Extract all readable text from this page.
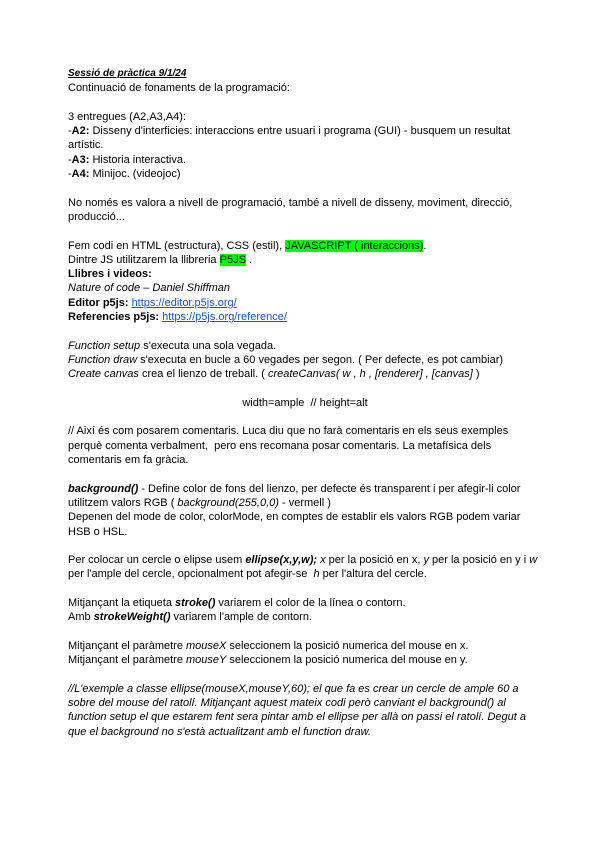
Sessió de pràctica 9/1/24
Continuació de fonaments de la programació:

3 entregues (A2,A3,A4):
-A2: Disseny d'interficies: interaccions entre usuari i programa (GUI) - busquem un resultat artístic.
-A3: Historia interactiva.
-A4: Minijoc. (videojoc)

No només es valora a nivell de programació, també a nivell de disseny, moviment, direcció, producció...

Fem codi en HTML (estructura), CSS (estil), JAVASCRIPT ( interaccions).
Dintre JS utilitzarem la llibreria P5JS .
Llibres i videos:
Nature of code – Daniel Shiffman
Editor p5js: https://editor.p5js.org/
Referencies p5js: https://p5js.org/reference/

Function setup s'executa una sola vegada.
Function draw s'executa en bucle a 60 vegades per segon. ( Per defecte, es pot cambiar)
Create canvas crea el lienzo de treball. ( createCanvas( w , h , [renderer] , [canvas] )

width=ample  // height=alt

// Així és com posarem comentaris. Luca diu que no farà comentaris en els seus exemples perquè comenta verbalment,  pero ens recomana posar comentaris. La metafísica dels comentaris em fa gràcia.

background() - Define color de fons del lienzo, per defecte és transparent i per afegir-li color utilitzem valors RGB ( background(255,0,0) - vermell )
Depenen del mode de color, colorMode, en comptes de establir els valors RGB podem variar HSB o HSL.

Per colocar un cercle o elipse usem ellipse(x,y,w); x per la posició en x, y per la posició en y i w per l'ample del cercle, opcionalment pot afegir-se  h per l'altura del cercle.

Mitjançant la etiqueta stroke() variarem el color de la línea o contorn.
Amb strokeWeight() variarem l'ample de contorn.

Mitjançant el paràmetre mouseX seleccionem la posició numerica del mouse en x.
Mitjançant el paràmetre mouseY seleccionem la posició numerica del mouse en y.

//L'exemple a classe ellipse(mouseX,mouseY,60); el que fa es crear un cercle de ample 60 a sobre del mouse del ratolí. Mitjançant aquest mateix codi però canviant el background() al function setup el que estarem fent sera pintar amb el ellipse per allà on passi el ratolí. Degut a que el background no s'està actualitzant amb el function draw.
